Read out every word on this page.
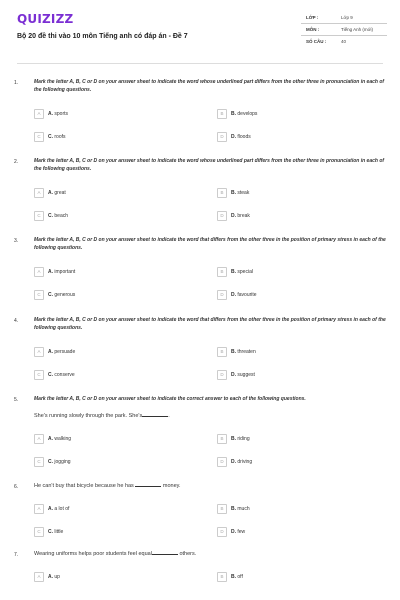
QUIZIZZ
Bộ 20 đề thi vào 10 môn Tiếng anh có đáp án - Đề 7
LỚP :	Lớp 9
MÔN :	Tiếng Anh (mới)
SỐ CÂU :	40
1.	Mark the letter A, B, C or D on your answer sheet to indicate the word whose underlined part differs from the other three in pronunciation in each of the following questions.
A	A. sports	B	B. develops
C	C. roofs	D	D. floods
2.	Mark the letter A, B, C or D on your answer sheet to indicate the word whose underlined part differs from the other three in pronunciation in each of the following questions.
A	A. great	B	B. steak
C	C. beach	D	D. break
3.	Mark the letter A, B, C or D on your answer sheet to indicate the word that differs from the other three in the position of primary stress in each of the following questions.
A	A. important	B	B. special
C	C. generous	D	D. favourite
4.	Mark the letter A, B, C or D on your answer sheet to indicate the word that differs from the other three in the position of primary stress in each of the following questions.
A	A. persuade	B	B. threaten
C	C. conserve	D	D. suggest
5.	Mark the letter A, B, C or D on your answer sheet to indicate the correct answer to each of the following questions.
She's running slowly through the park. She's	.
A	A. walking	B	B. riding
C	C. jogging	D	D. driving
6.	He can't buy that bicycle because he has	money.
A	A. a lot of	B	B. much
C	C. little	D	D. few
7.	Wearing uniforms helps poor students feel equal	others.
A	A. up	B	B. off
